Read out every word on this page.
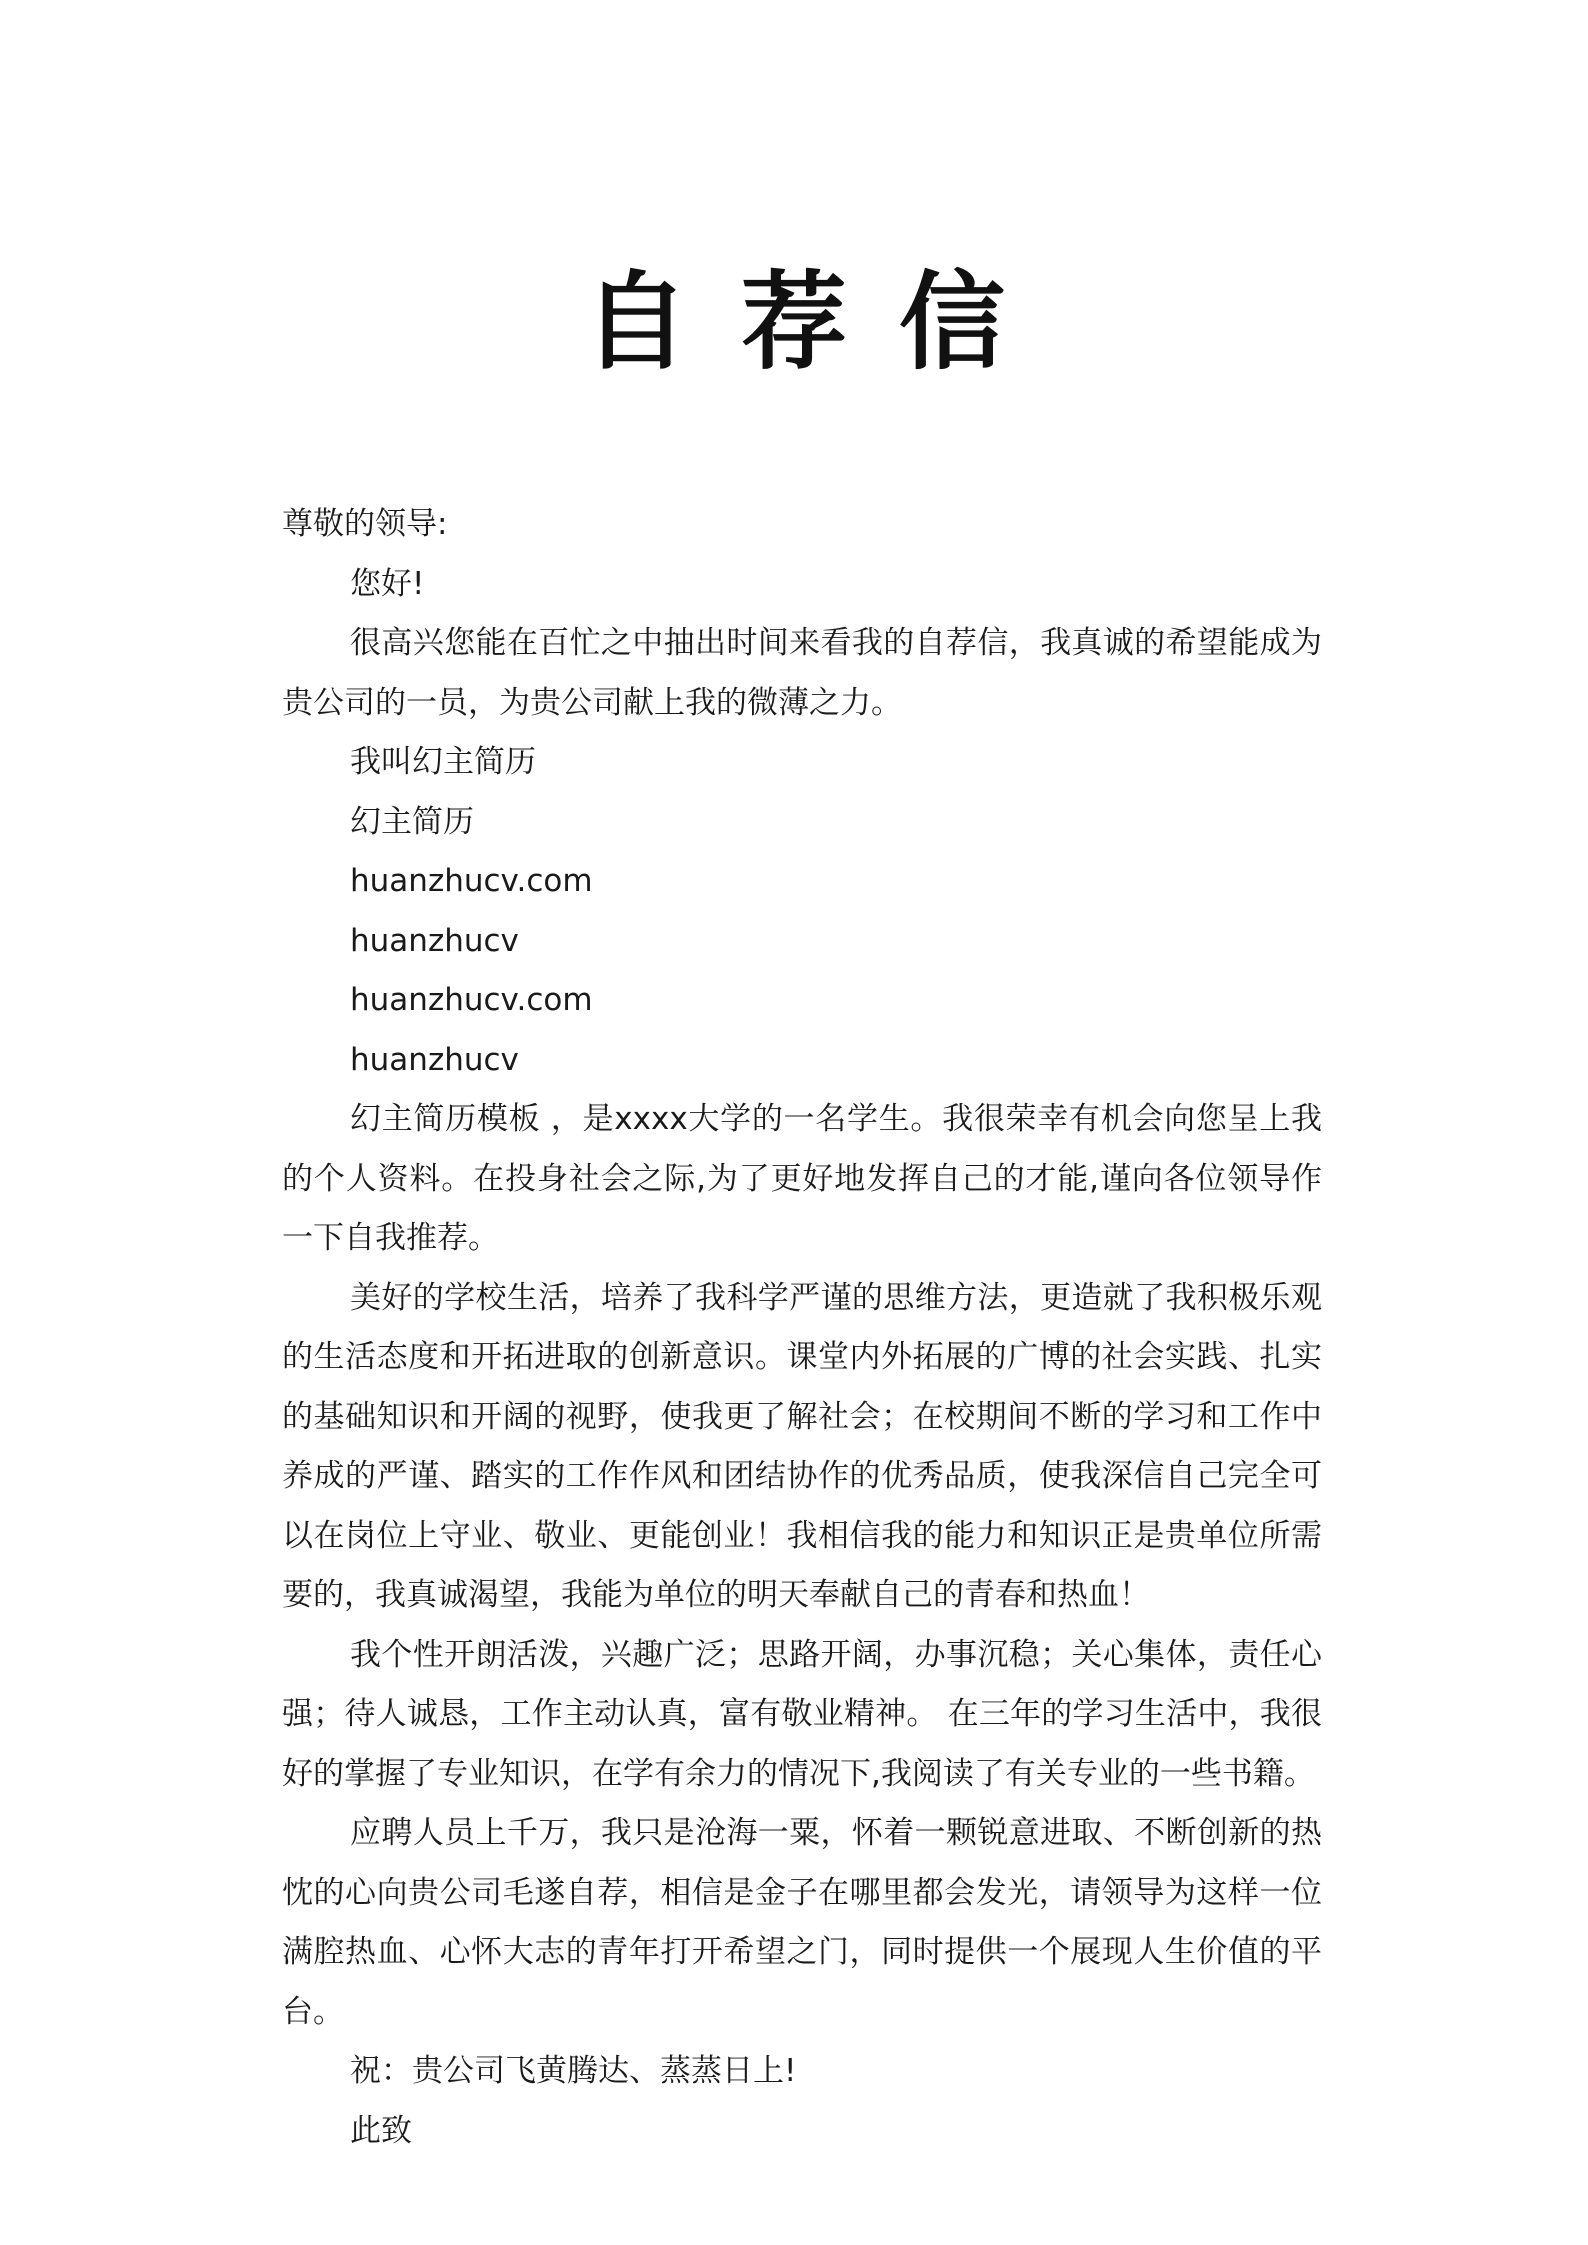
自荐信

尊敬的领导:

您好!

很高兴您能在百忙之中抽出时间来看我的自荐信，我真诚的希望能成为贵公司的一员，为贵公司献上我的微薄之力。

我叫幻主简历

幻主简历

huanzhucv.com

huanzhucv

huanzhucv.com

huanzhucv

幻主简历模板 ，是xxxx大学的一名学生。我很荣幸有机会向您呈上我的个人资料。在投身社会之际,为了更好地发挥自己的才能,谨向各位领导作一下自我推荐。

美好的学校生活，培养了我科学严谨的思维方法，更造就了我积极乐观的生活态度和开拓进取的创新意识。课堂内外拓展的广博的社会实践、扎实的基础知识和开阔的视野，使我更了解社会；在校期间不断的学习和工作中养成的严谨、踏实的工作作风和团结协作的优秀品质，使我深信自己完全可以在岗位上守业、敬业、更能创业！我相信我的能力和知识正是贵单位所需要的，我真诚渴望，我能为单位的明天奉献自己的青春和热血！

我个性开朗活泼，兴趣广泛；思路开阔，办事沉稳；关心集体，责任心强；待人诚恳，工作主动认真，富有敬业精神。 在三年的学习生活中，我很好的掌握了专业知识，在学有余力的情况下,我阅读了有关专业的一些书籍。

应聘人员上千万，我只是沧海一粟，怀着一颗锐意进取、不断创新的热忱的心向贵公司毛遂自荐，相信是金子在哪里都会发光，请领导为这样一位满腔热血、心怀大志的青年打开希望之门，同时提供一个展现人生价值的平台。

祝：贵公司飞黄腾达、蒸蒸日上!

此致
